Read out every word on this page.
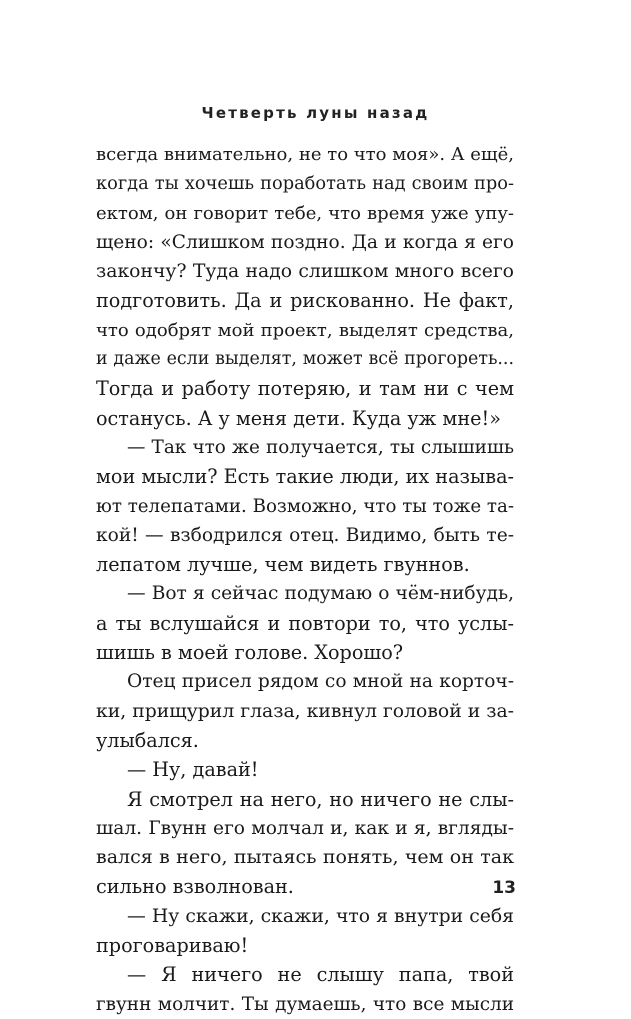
Четверть луны назад
всегда внимательно, не то что моя». А ещё,
когда ты хочешь поработать над своим про-
ектом, он говорит тебе, что время уже упу-
щено: «Слишком поздно. Да и когда я его
закончу? Туда надо слишком много всего
подготовить. Да и рискованно. Не факт,
что одобрят мой проект, выделят средства,
и даже если выделят, может всё прогореть...
Тогда и работу потеряю, и там ни с чем
останусь. А у меня дети. Куда уж мне!»
— Так что же получается, ты слышишь
мои мысли? Есть такие люди, их называ-
ют телепатами. Возможно, что ты тоже та-
кой! — взбодрился отец. Видимо, быть те-
лепатом лучше, чем видеть гвуннов.
— Вот я сейчас подумаю о чём-нибудь,
а ты вслушайся и повтори то, что услы-
шишь в моей голове. Хорошо?
Отец присел рядом со мной на корточ-
ки, прищурил глаза, кивнул головой и за-
улыбался.
— Ну, давай!
Я смотрел на него, но ничего не слы-
шал. Гвунн его молчал и, как и я, вгляды-
вался в него, пытаясь понять, чем он так
сильно взволнован.
— Ну скажи, скажи, что я внутри себя
проговариваю!
— Я ничего не слышу папа, твой
гвунн молчит. Ты думаешь, что все мысли
13
